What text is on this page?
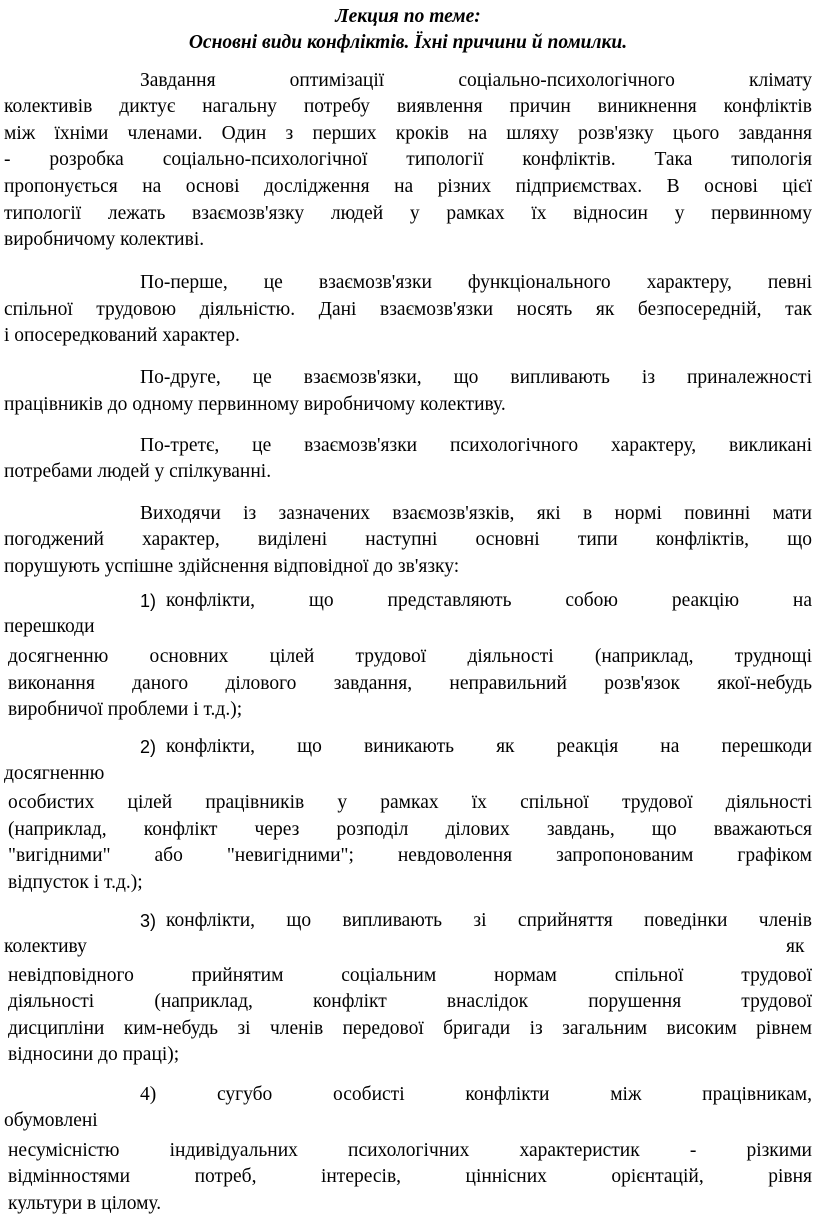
Лекция по теме:
Основні види конфліктів. Їхні причини й помилки.
Завдання оптимізації соціально-психологічного клімату
колективів диктує нагальну потребу виявлення причин виникнення конфліктів
між їхніми членами. Один з перших кроків на шляху розв'язку цього завдання
- розробка соціально-психологічної типології конфліктів. Така типологія
пропонується на основі дослідження на різних підприємствах. В основі цієї
типології лежать взаємозв'язку людей у рамках їх відносин у первинному
виробничому колективі.
По-перше, це взаємозв'язки функціонального характеру, певні
спільної трудовою діяльністю. Дані взаємозв'язки носять як безпосередній, так
і опосередкований характер.
По-друге, це взаємозв'язки, що випливають із приналежності
працівників до одному первинному виробничому колективу.
По-третє, це взаємозв'язки психологічного характеру, викликані
потребами людей у спілкуванні.
Виходячи із зазначених взаємозв'язків, які в нормі повинні мати
погоджений характер, виділені наступні основні типи конфліктів, що
порушують успішне здійснення відповідної до зв'язку:
1) конфлікти, що представляють собою реакцію на
перешкоди
досягненню основних цілей трудової діяльності (наприклад, труднощі
виконання даного ділового завдання, неправильний розв'язок якої-небудь
виробничої проблеми і т.д.);
2) конфлікти, що виникають як реакція на перешкоди
досягненню
особистих цілей працівників у рамках їх спільної трудової діяльності
(наприклад, конфлікт через розподіл ділових завдань, що вважаються
"вигідними" або "невигідними"; невдоволення запропонованим графіком
відпусток і т.д.);
3) конфлікти, що випливають зі сприйняття поведінки членів
колективу	як
невідповідного прийнятим соціальним нормам спільної трудової
діяльності (наприклад, конфлікт внаслідок порушення трудової
дисципліни ким-небудь зі членів передової бригади із загальним високим рівнем
відносини до праці);
4) сугубо особисті конфлікти між працівникам,
обумовлені
несумісністю індивідуальних психологічних характеристик - різкими
відмінностями потреб, інтересів, ціннісних орієнтацій, рівня
культури в цілому.
